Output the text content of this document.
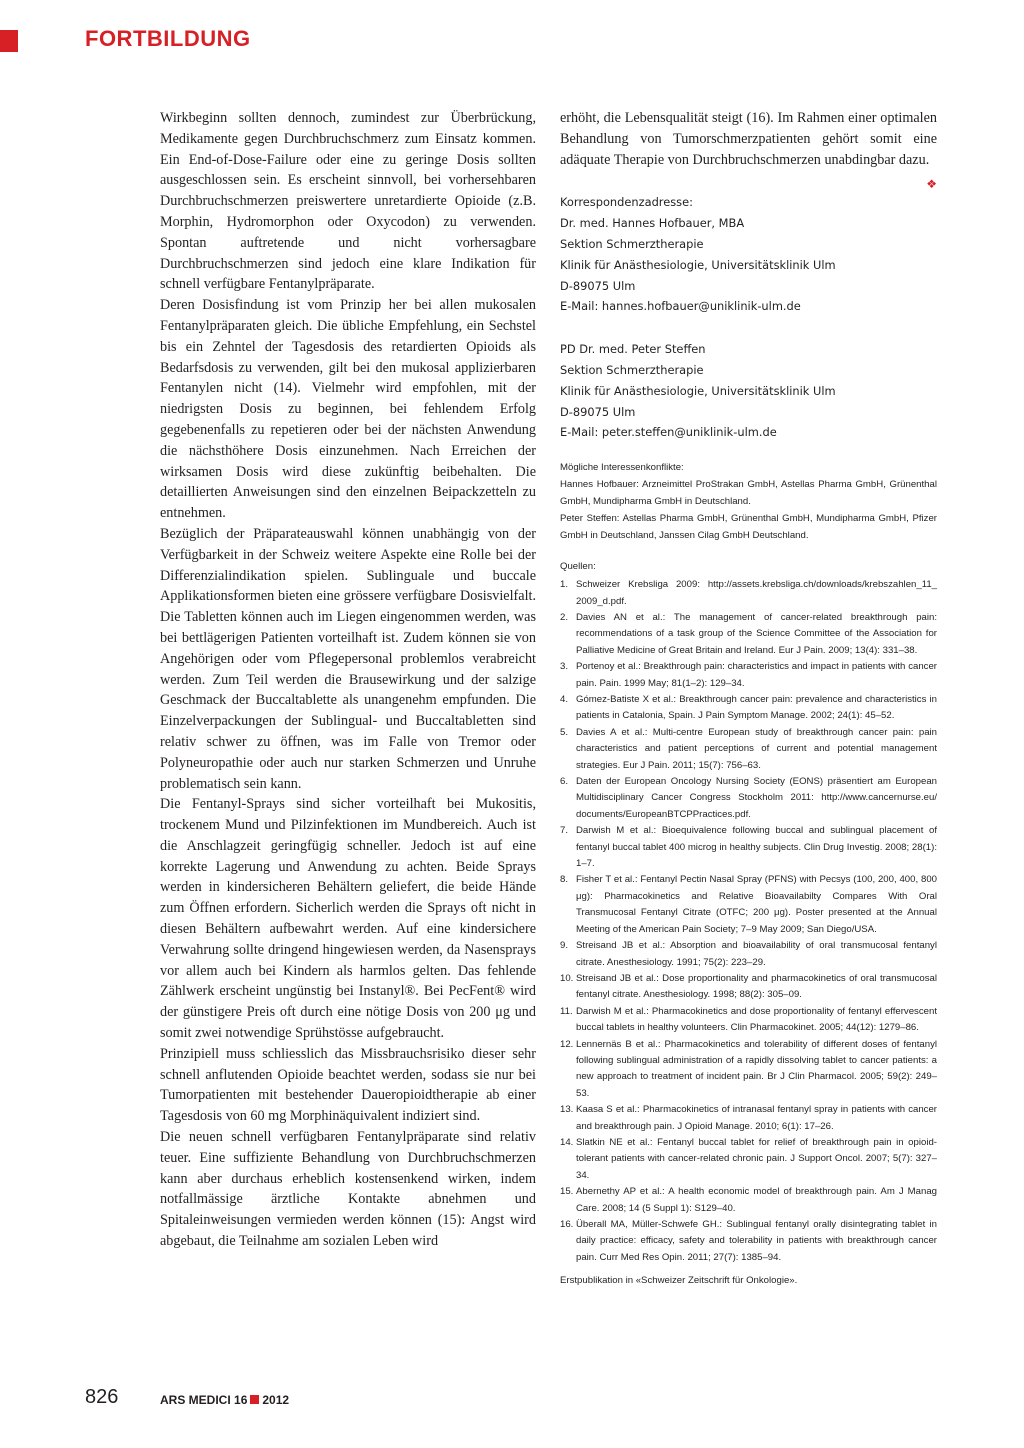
FORTBILDUNG

Wirkbeginn sollten dennoch, zumindest zur Überbrückung, Medikamente gegen Durchbruchschmerz zum Einsatz kommen. Ein End-of-Dose-Failure oder eine zu geringe Dosis sollten ausgeschlossen sein. Es erscheint sinnvoll, bei vorhersehbaren Durchbruchschmerzen preiswertere unretardierte Opioide (z.B. Morphin, Hydromorphon oder Oxycodon) zu verwenden. Spontan auftretende und nicht vorhersagbare Durchbruchschmerzen sind jedoch eine klare Indikation für schnell verfügbare Fentanylpräparate.

Deren Dosisfindung ist vom Prinzip her bei allen mukosalen Fentanylpräparaten gleich. Die übliche Empfehlung, ein Sechstel bis ein Zehntel der Tagesdosis des retardierten Opioids als Bedarfsdosis zu verwenden, gilt bei den mukosal applizierbaren Fentanylen nicht (14). Vielmehr wird empfohlen, mit der niedrigsten Dosis zu beginnen, bei fehlendem Erfolg gegebenenfalls zu repetieren oder bei der nächsten Anwendung die nächsthöhere Dosis einzunehmen. Nach Erreichen der wirksamen Dosis wird diese zukünftig beibehalten. Die detaillierten Anweisungen sind den einzelnen Beipackzetteln zu entnehmen.

Bezüglich der Präparateauswahl können unabhängig von der Verfügbarkeit in der Schweiz weitere Aspekte eine Rolle bei der Differenzialindikation spielen. Sublinguale und buccale Applikationsformen bieten eine grössere verfügbare Dosisvielfalt. Die Tabletten können auch im Liegen eingenommen werden, was bei bettlägerigen Patienten vorteilhaft ist. Zudem können sie von Angehörigen oder vom Pflegepersonal problemlos verabreicht werden. Zum Teil werden die Brausewirkung und der salzige Geschmack der Buccaltablette als unangenehm empfunden. Die Einzelverpackungen der Sublingual- und Buccaltabletten sind relativ schwer zu öffnen, was im Falle von Tremor oder Polyneuropathie oder auch nur starken Schmerzen und Unruhe problematisch sein kann.

Die Fentanyl-Sprays sind sicher vorteilhaft bei Mukositis, trockenem Mund und Pilzinfektionen im Mundbereich. Auch ist die Anschlagzeit geringfügig schneller. Jedoch ist auf eine korrekte Lagerung und Anwendung zu achten. Beide Sprays werden in kindersicheren Behältern geliefert, die beide Hände zum Öffnen erfordern. Sicherlich werden die Sprays oft nicht in diesen Behältern aufbewahrt werden. Auf eine kindersichere Verwahrung sollte dringend hingewiesen werden, da Nasensprays vor allem auch bei Kindern als harmlos gelten. Das fehlende Zählwerk erscheint ungünstig bei Instanyl®. Bei PecFent® wird der günstigere Preis oft durch eine nötige Dosis von 200 μg und somit zwei notwendige Sprühstösse aufgebraucht.

Prinzipiell muss schliesslich das Missbrauchsrisiko dieser sehr schnell anflutenden Opioide beachtet werden, sodass sie nur bei Tumorpatienten mit bestehender Daueropioidtherapie ab einer Tagesdosis von 60 mg Morphinäquivalent indiziert sind.

Die neuen schnell verfügbaren Fentanylpräparate sind relativ teuer. Eine suffiziente Behandlung von Durchbruchschmerzen kann aber durchaus erheblich kostensenkend wirken, indem notfallmässige ärztliche Kontakte abnehmen und Spitaleinweisungen vermieden werden können (15): Angst wird abgebaut, die Teilnahme am sozialen Leben wird

erhöht, die Lebensqualität steigt (16). Im Rahmen einer optimalen Behandlung von Tumorschmerzpatienten gehört somit eine adäquate Therapie von Durchbruchschmerzen unabdingbar dazu.
❖

Korrespondenzadresse:

Dr. med. Hannes Hofbauer, MBA

Sektion Schmerztherapie

Klinik für Anästhesiologie, Universitätsklinik Ulm

D-89075 Ulm

E-Mail: hannes.hofbauer@uniklinik-ulm.de

PD Dr. med. Peter Steffen

Sektion Schmerztherapie

Klinik für Anästhesiologie, Universitätsklinik Ulm

D-89075 Ulm

E-Mail: peter.steffen@uniklinik-ulm.de

Mögliche Interessenkonflikte:

Hannes Hofbauer: Arzneimittel ProStrakan GmbH, Astellas Pharma GmbH, Grünenthal GmbH, Mundipharma GmbH in Deutschland.

Peter Steffen: Astellas Pharma GmbH, Grünenthal GmbH, Mundipharma GmbH, Pfizer GmbH in Deutschland, Janssen Cilag GmbH Deutschland.

Quellen:

1. Schweizer Krebsliga 2009: http://assets.krebsliga.ch/downloads/krebszahlen_11_ 2009_d.pdf.
2. Davies AN et al.: The management of cancer-related breakthrough pain: recommendations of a task group of the Science Committee of the Association for Palliative Medicine of Great Britain and Ireland. Eur J Pain. 2009; 13(4): 331–38.
3. Portenoy et al.: Breakthrough pain: characteristics and impact in patients with cancer pain. Pain. 1999 May; 81(1–2): 129–34.
4. Gómez-Batiste X et al.: Breakthrough cancer pain: prevalence and characteristics in patients in Catalonia, Spain. J Pain Symptom Manage. 2002; 24(1): 45–52.
5. Davies A et al.: Multi-centre European study of breakthrough cancer pain: pain characteristics and patient perceptions of current and potential management strategies. Eur J Pain. 2011; 15(7): 756–63.
6. Daten der European Oncology Nursing Society (EONS) präsentiert am European Multidisciplinary Cancer Congress Stockholm 2011: http://www.cancernurse.eu/ documents/EuropeanBTCPPractices.pdf.
7. Darwish M et al.: Bioequivalence following buccal and sublingual placement of fentanyl buccal tablet 400 microg in healthy subjects. Clin Drug Investig. 2008; 28(1): 1–7.
8. Fisher T et al.: Fentanyl Pectin Nasal Spray (PFNS) with Pecsys (100, 200, 400, 800 μg): Pharmacokinetics and Relative Bioavailabilty Compares With Oral Transmucosal Fentanyl Citrate (OTFC; 200 μg). Poster presented at the Annual Meeting of the American Pain Society; 7–9 May 2009; San Diego/USA.
9. Streisand JB et al.: Absorption and bioavailability of oral transmucosal fentanyl citrate. Anesthesiology. 1991; 75(2): 223–29.
10. Streisand JB et al.: Dose proportionality and pharmacokinetics of oral transmucosal fentanyl citrate. Anesthesiology. 1998; 88(2): 305–09.
11. Darwish M et al.: Pharmacokinetics and dose proportionality of fentanyl effervescent buccal tablets in healthy volunteers. Clin Pharmacokinet. 2005; 44(12): 1279–86.
12. Lennernäs B et al.: Pharmacokinetics and tolerability of different doses of fentanyl following sublingual administration of a rapidly dissolving tablet to cancer patients: a new approach to treatment of incident pain. Br J Clin Pharmacol. 2005; 59(2): 249–53.
13. Kaasa S et al.: Pharmacokinetics of intranasal fentanyl spray in patients with cancer and breakthrough pain. J Opioid Manage. 2010; 6(1): 17–26.
14. Slatkin NE et al.: Fentanyl buccal tablet for relief of breakthrough pain in opioid-tolerant patients with cancer-related chronic pain. J Support Oncol. 2007; 5(7): 327–34.
15. Abernethy AP et al.: A health economic model of breakthrough pain. Am J Manag Care. 2008; 14 (5 Suppl 1): S129–40.
16. Überall MA, Müller-Schwefe GH.: Sublingual fentanyl orally disintegrating tablet in daily practice: efficacy, safety and tolerability in patients with breakthrough cancer pain. Curr Med Res Opin. 2011; 27(7): 1385–94.

Erstpublikation in «Schweizer Zeitschrift für Onkologie».

826	ARS MEDICI 16 2012
